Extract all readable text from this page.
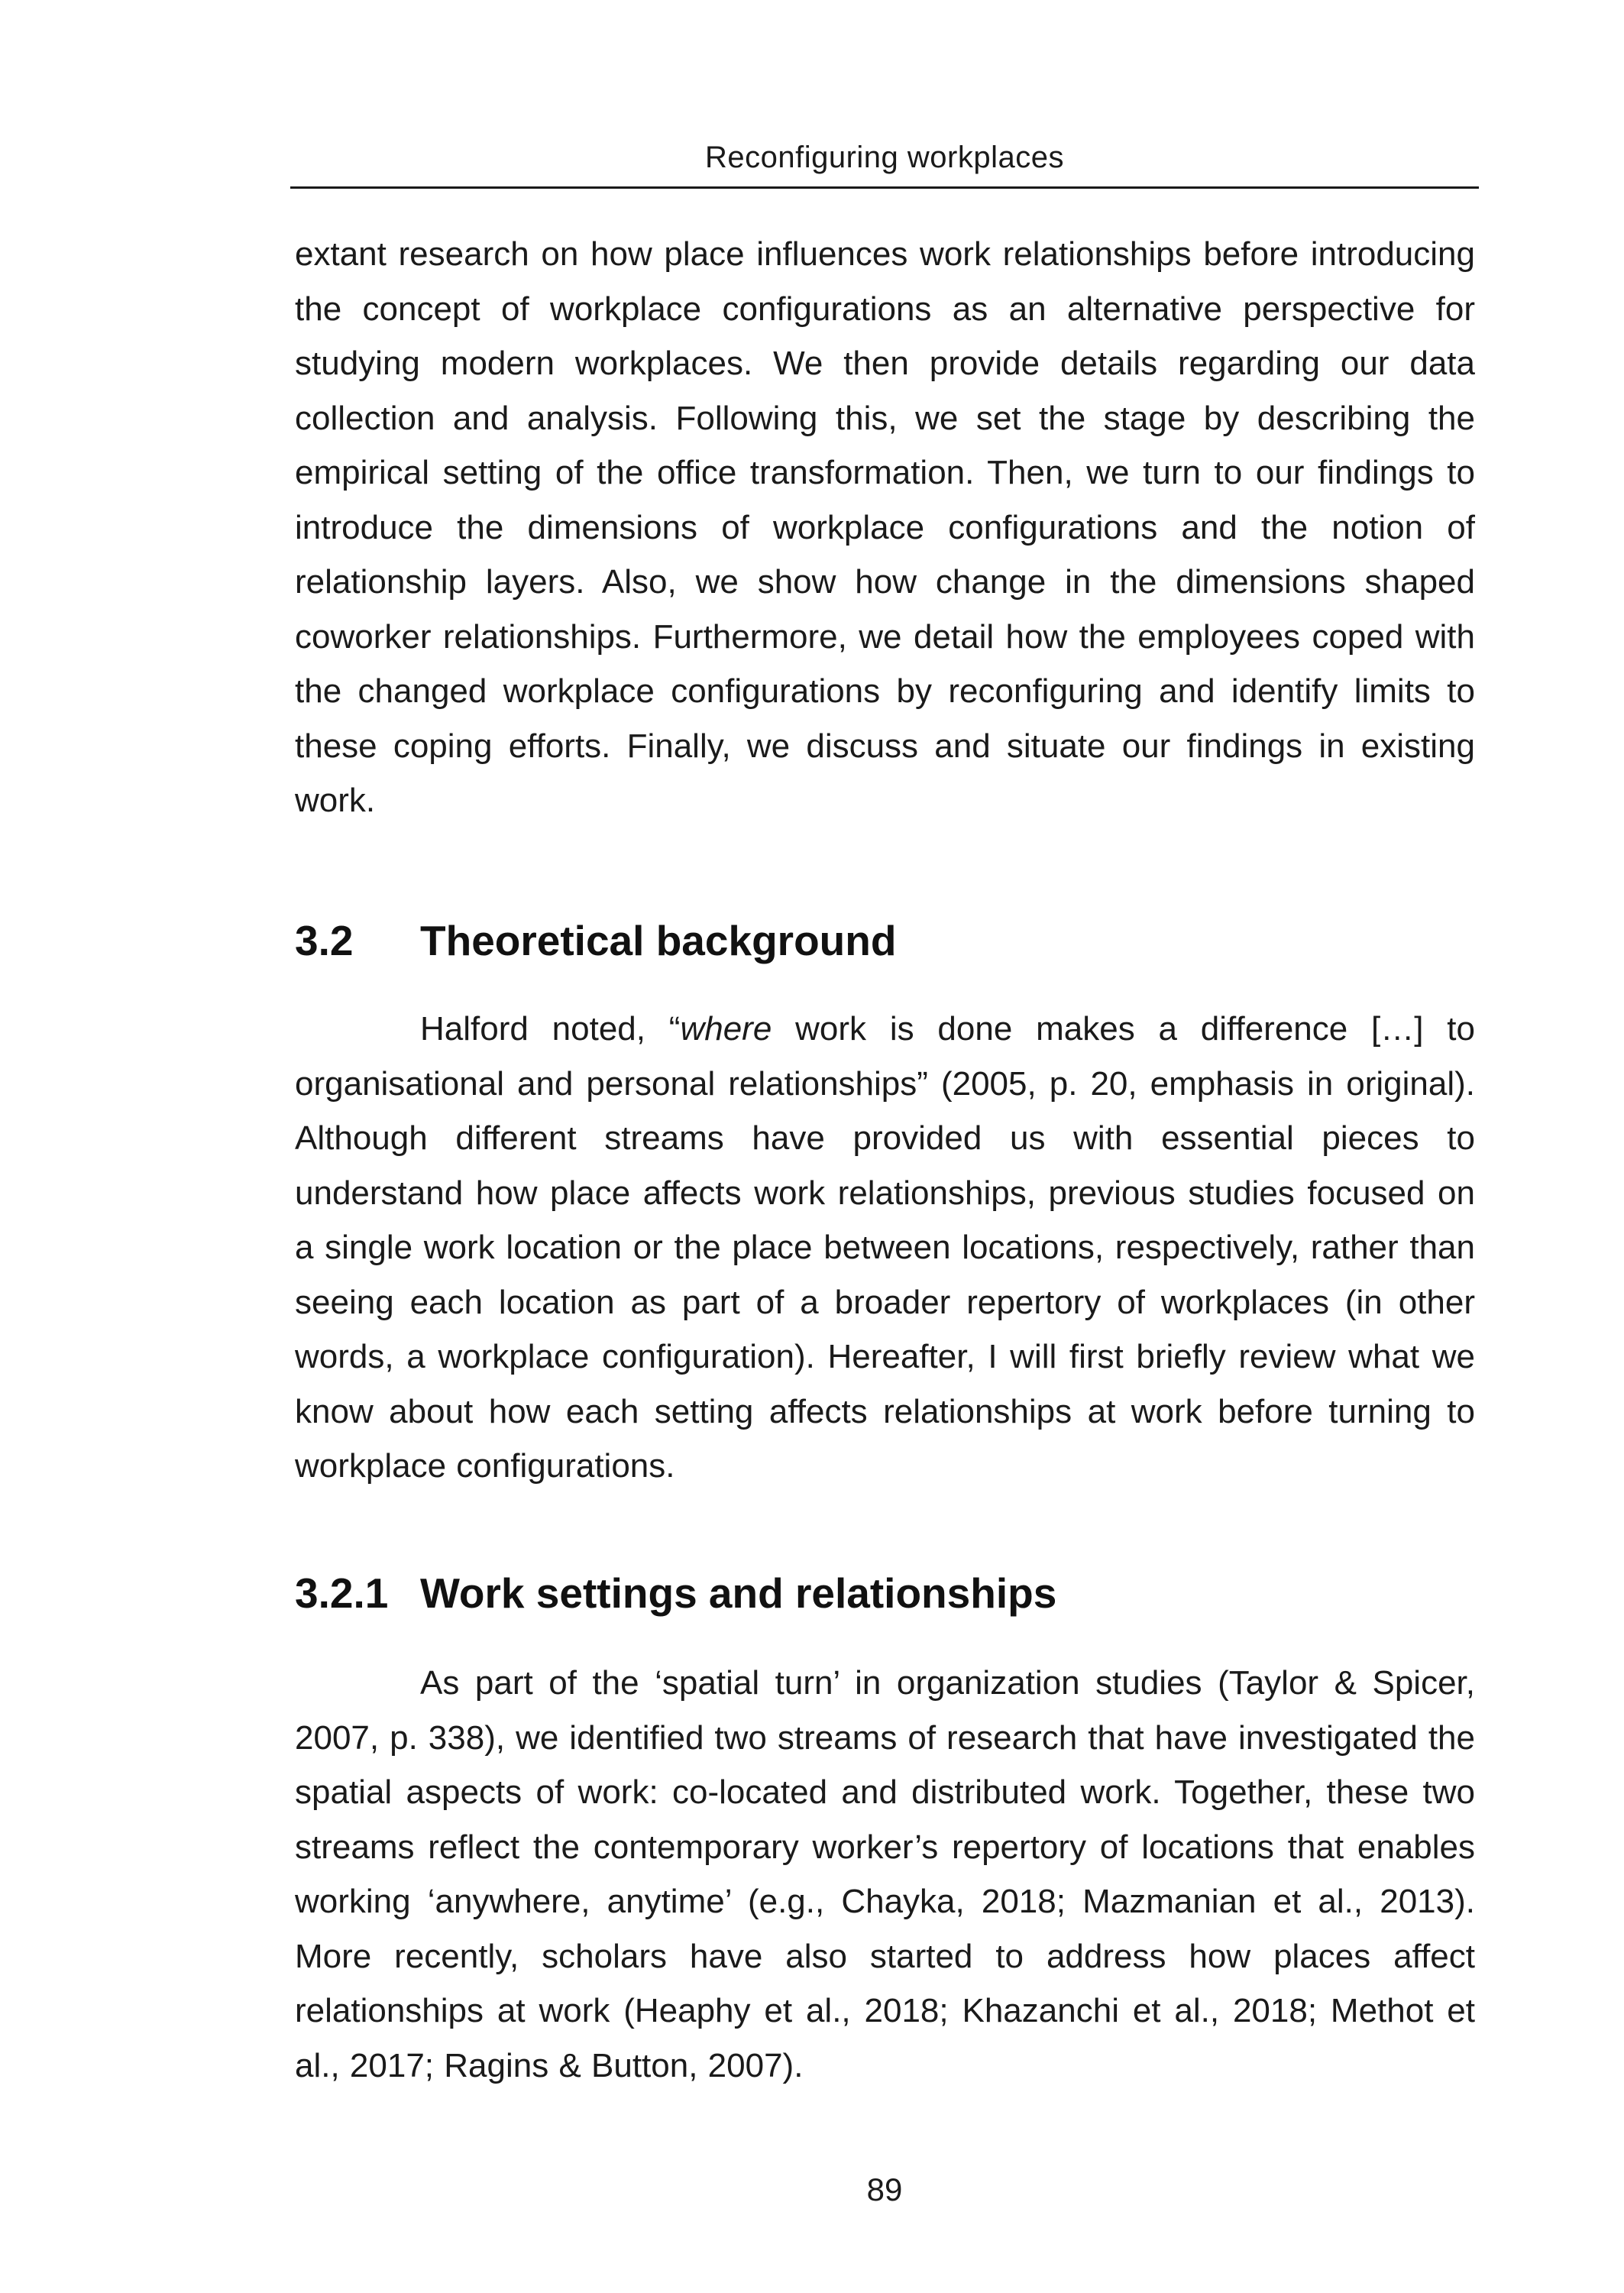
Reconfiguring workplaces

extant research on how place influences work relationships before introducing the concept of workplace configurations as an alternative perspective for studying modern workplaces. We then provide details regarding our data collection and analysis. Following this, we set the stage by describing the empirical setting of the office transformation. Then, we turn to our findings to introduce the dimensions of workplace configurations and the notion of relationship layers. Also, we show how change in the dimensions shaped coworker relationships. Furthermore, we detail how the employees coped with the changed workplace configurations by reconfiguring and identify limits to these coping efforts. Finally, we discuss and situate our findings in existing work.

3.2 Theoretical background

Halford noted, “where work is done makes a difference […] to organisational and personal relationships” (2005, p. 20, emphasis in original). Although different streams have provided us with essential pieces to understand how place affects work relationships, previous studies focused on a single work location or the place between locations, respectively, rather than seeing each location as part of a broader repertory of workplaces (in other words, a workplace configuration). Hereafter, I will first briefly review what we know about how each setting affects relationships at work before turning to workplace configurations.

3.2.1 Work settings and relationships

As part of the ‘spatial turn’ in organization studies (Taylor & Spicer, 2007, p. 338), we identified two streams of research that have investigated the spatial aspects of work: co-located and distributed work. Together, these two streams reflect the contemporary worker’s repertory of locations that enables working ‘anywhere, anytime’ (e.g., Chayka, 2018; Mazmanian et al., 2013). More recently, scholars have also started to address how places affect relationships at work (Heaphy et al., 2018; Khazanchi et al., 2018; Methot et al., 2017; Ragins & Button, 2007).

89
